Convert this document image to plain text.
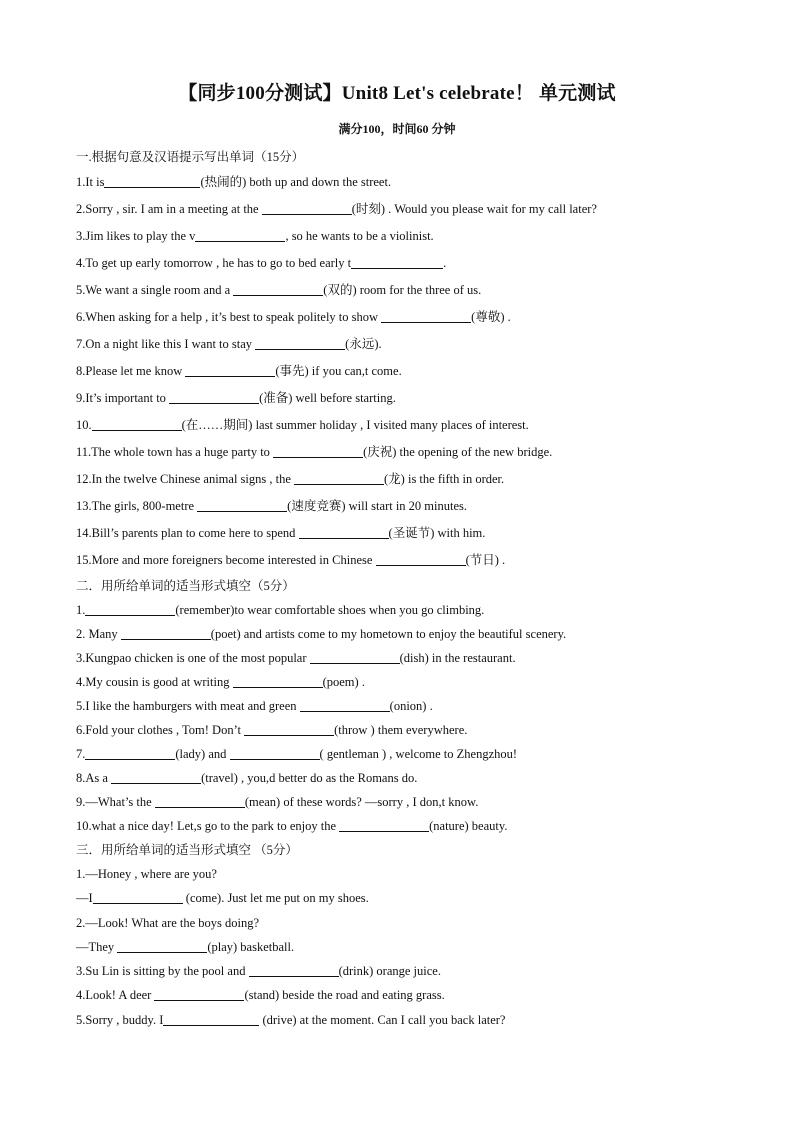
【同步100分测试】Unit8 Let's celebrate！ 单元测试
满分100，时间60 分钟
一.根据句意及汉语提示写出单词（15分）
1.It is	(热闹的) both up and down the street.
2.Sorry , sir. I am in a meeting at the	(时刻) . Would you please wait for my call later?
3.Jim likes to play the v	, so he wants to be a violinist.
4.To get up early tomorrow , he has to go to bed early t	.
5.We want a single room and a	(双的) room for the three of us.
6.When asking for a help , it’s best to speak politely to show	(尊敬) .
7.On a night like this I want to stay	(永远).
8.Please let me know	(事先) if you can,t come.
9.It’s important to	(准备) well before starting.
10.	(在……期间) last summer holiday , I visited many places of interest.
11.The whole town has a huge party to	(庆祝) the opening of the new bridge.
12.In the twelve Chinese animal signs , the	(龙) is the fifth in order.
13.The girls, 800-metre	(速度竞赛) will start in 20 minutes.
14.Bill’s parents plan to come here to spend	(圣诞节) with him.
15.More and more foreigners become interested in Chinese	(节日) .
二．用所给单词的适当形式填空（5分）
1.	(remember)to wear comfortable shoes when you go climbing.
2. Many	(poet) and artists come to my hometown to enjoy the beautiful scenery.
3.Kungpao chicken is one of the most popular	(dish) in the restaurant.
4.My cousin is good at writing	(poem) .
5.I like the hamburgers with meat and green	(onion) .
6.Fold your clothes , Tom! Don’t	(throw ) them everywhere.
7.	(lady) and	( gentleman ) , welcome to Zhengzhou!
8.As a	(travel) , you,d better do as the Romans do.
9.—What’s the	(mean) of these words? —sorry , I don,t know.
10.what a nice day! Let,s go to the park to enjoy the	(nature) beauty.
三．用所给单词的适当形式填空 （5分）
1.—Honey , where are you?
—I	(come). Just let me put on my shoes.
2.—Look! What are the boys doing?
—They	(play) basketball.
3.Su Lin is sitting by the pool and	(drink) orange juice.
4.Look! A deer	(stand) beside the road and eating grass.
5.Sorry , buddy. I	(drive) at the moment. Can I call you back later?
